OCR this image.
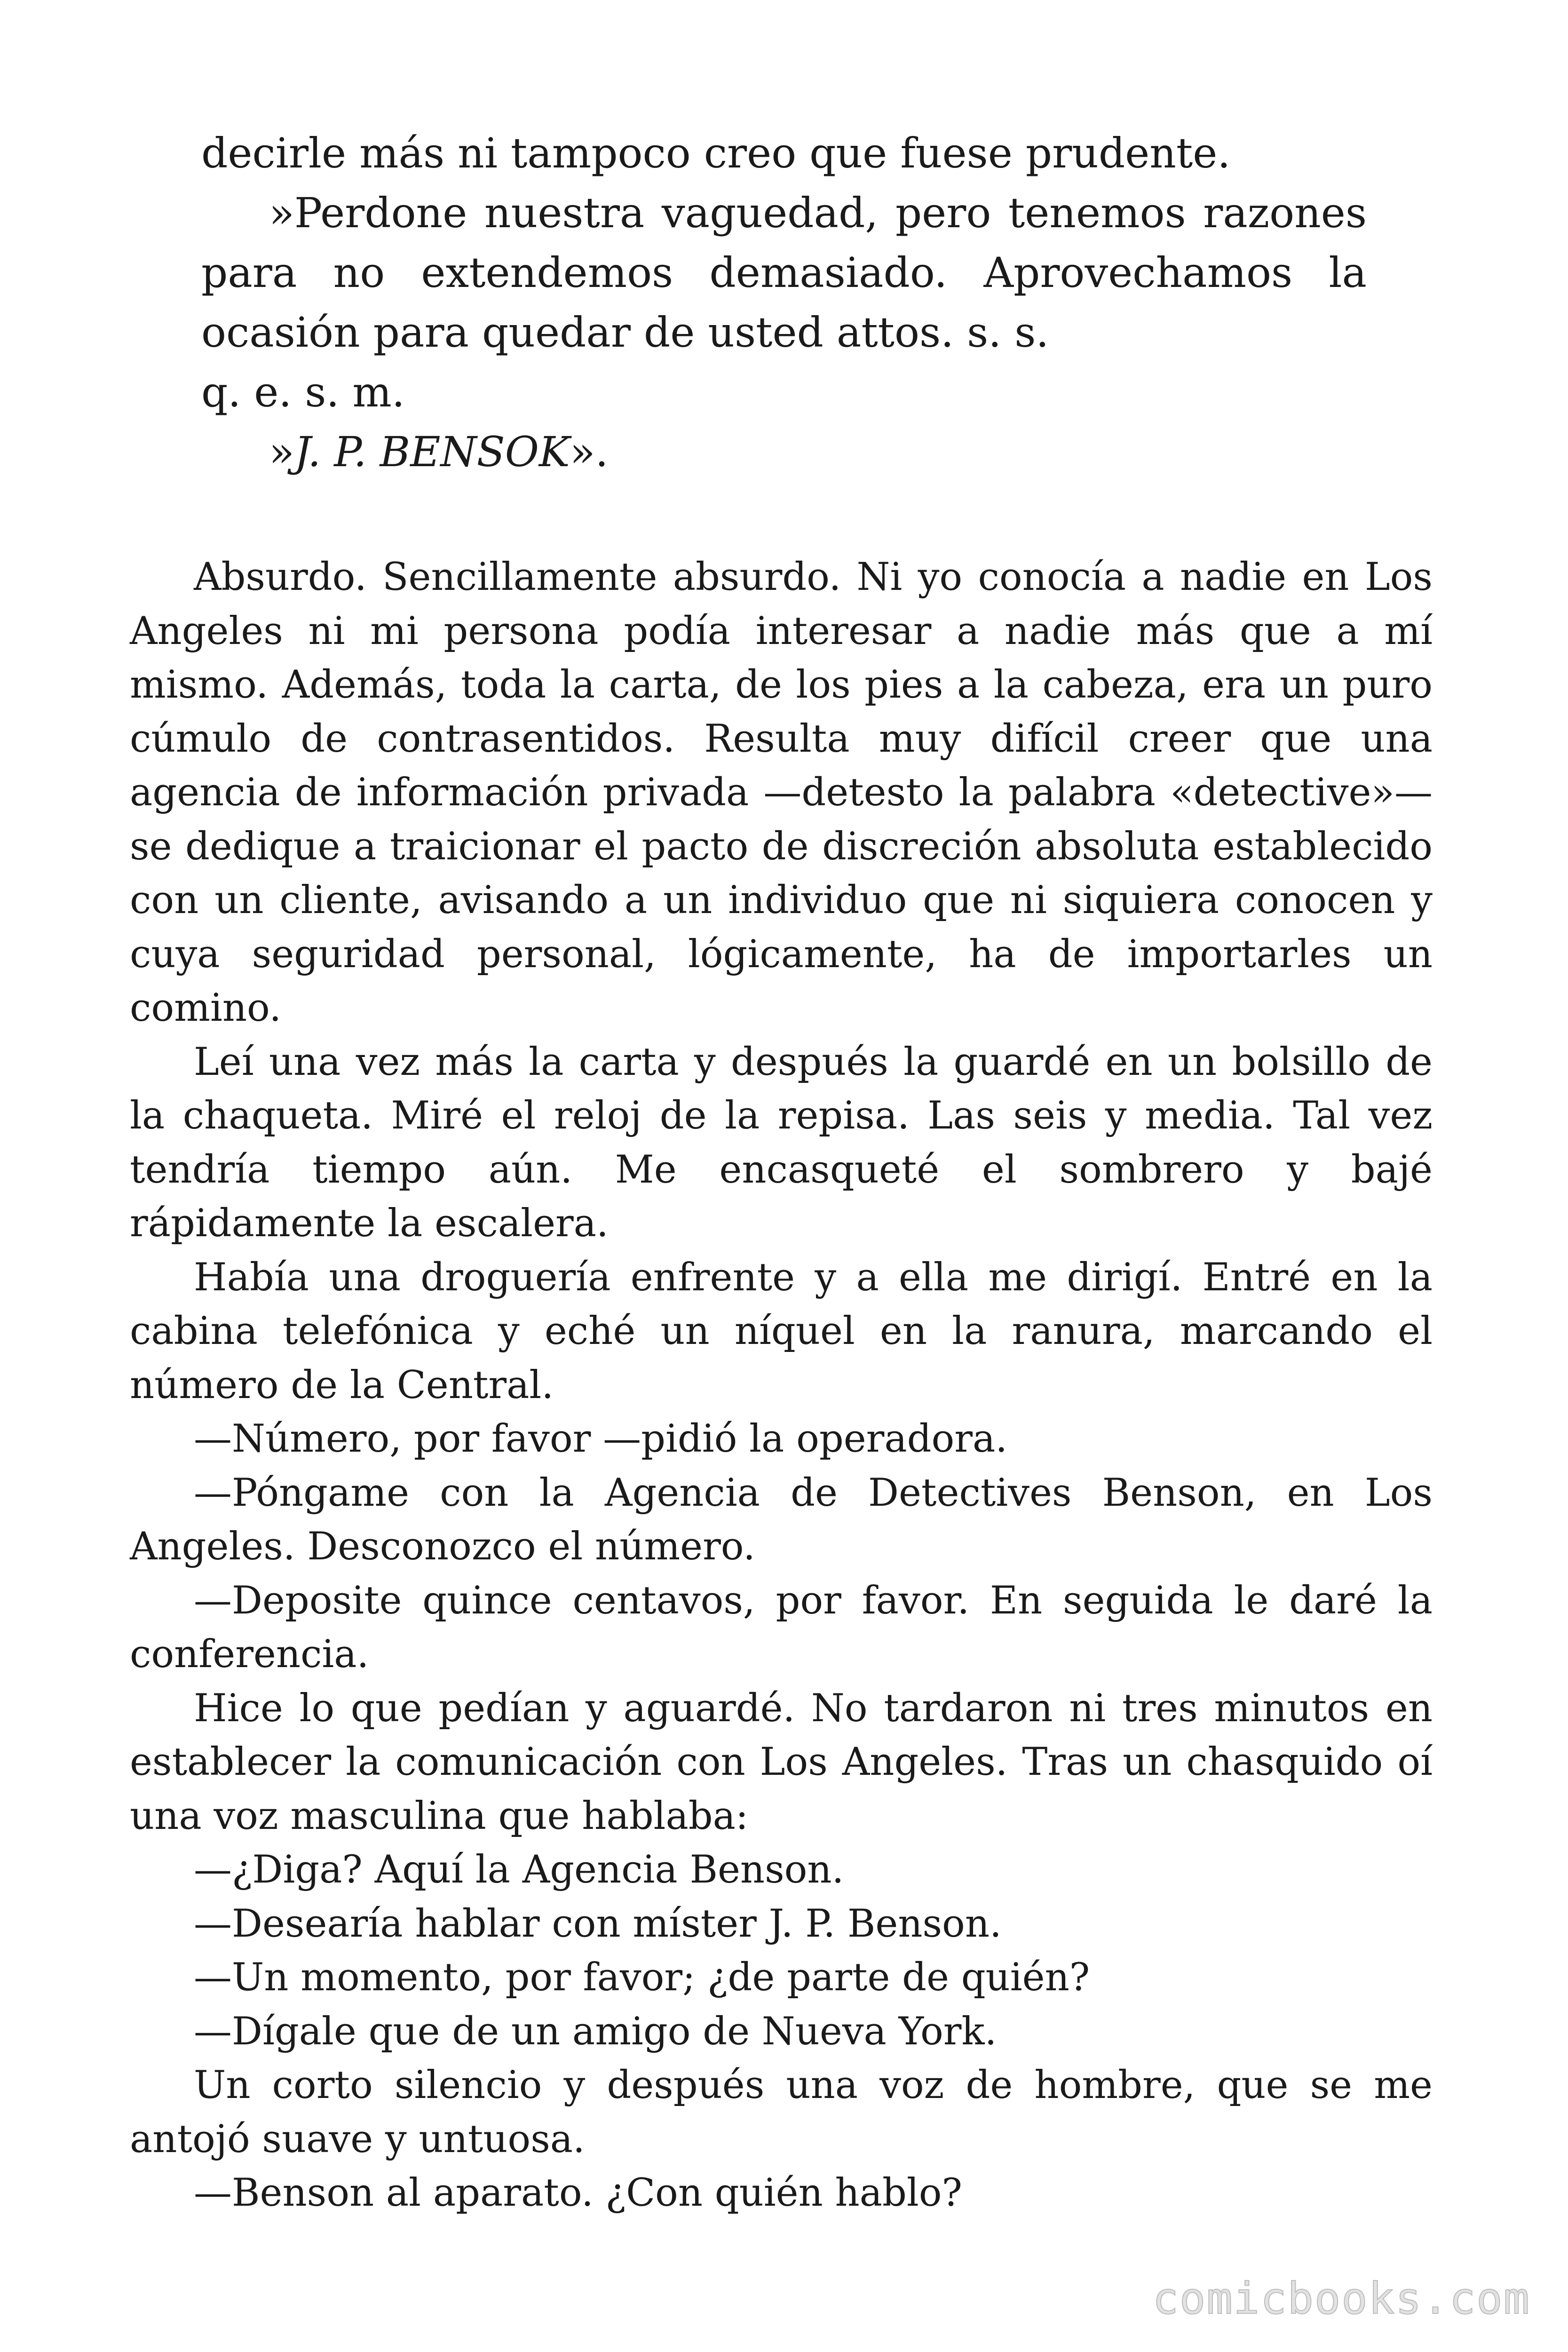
decirle más ni tampoco creo que fuese prudente.

»Perdone nuestra vaguedad, pero tenemos razones para no extendemos demasiado. Aprovechamos la ocasión para quedar de usted attos. s. s.

q. e. s. m.

»J. P. BENSOK».

Absurdo. Sencillamente absurdo. Ni yo conocía a nadie en Los Angeles ni mi persona podía interesar a nadie más que a mí mismo. Además, toda la carta, de los pies a la cabeza, era un puro cúmulo de contrasentidos. Resulta muy difícil creer que una agencia de información privada —detesto la palabra «detective»— se dedique a traicionar el pacto de discreción absoluta establecido con un cliente, avisando a un individuo que ni siquiera conocen y cuya seguridad personal, lógicamente, ha de importarles un comino.

Leí una vez más la carta y después la guardé en un bolsillo de la chaqueta. Miré el reloj de la repisa. Las seis y media. Tal vez tendría tiempo aún. Me encasqueté el sombrero y bajé rápidamente la escalera.

Había una droguería enfrente y a ella me dirigí. Entré en la cabina telefónica y eché un níquel en la ranura, marcando el número de la Central.

—Número, por favor —pidió la operadora.

—Póngame con la Agencia de Detectives Benson, en Los Angeles. Desconozco el número.

—Deposite quince centavos, por favor. En seguida le daré la conferencia.

Hice lo que pedían y aguardé. No tardaron ni tres minutos en establecer la comunicación con Los Angeles. Tras un chasquido oí una voz masculina que hablaba:

—¿Diga? Aquí la Agencia Benson.

—Desearía hablar con míster J. P. Benson.

—Un momento, por favor; ¿de parte de quién?

—Dígale que de un amigo de Nueva York.

Un corto silencio y después una voz de hombre, que se me antojó suave y untuosa.

—Benson al aparato. ¿Con quién hablo?

comicbooks.com
